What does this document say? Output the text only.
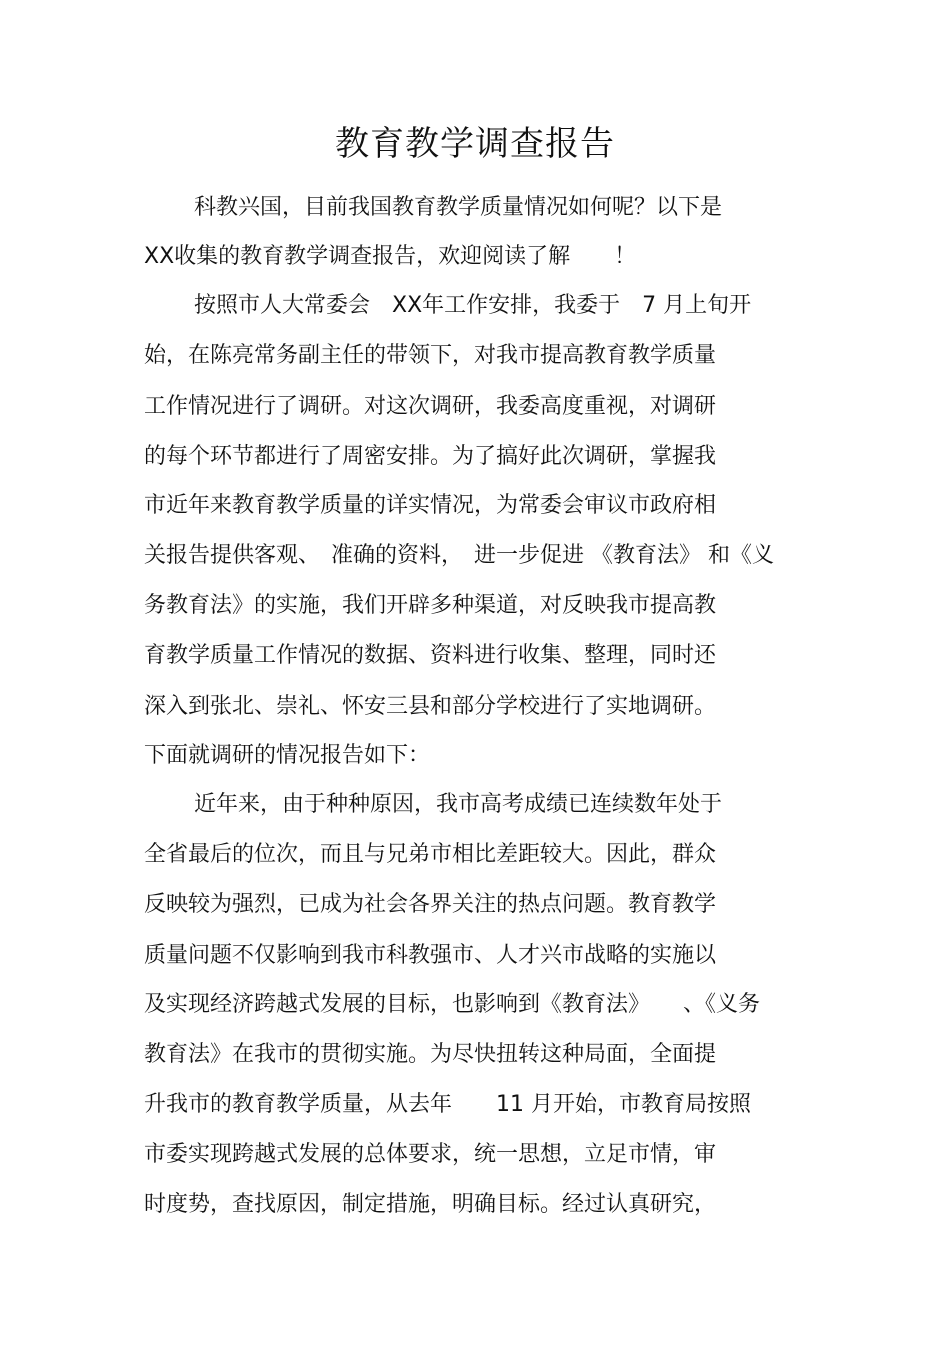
教育教学调查报告
科教兴国，目前我国教育教学质量情况如何呢？以下是
XX收集的教育教学调查报告，欢迎阅读了解　　！
按照市人大常委会　XX年工作安排，我委于　7 月上旬开
始，在陈亮常务副主任的带领下，对我市提高教育教学质量
工作情况进行了调研。对这次调研，我委高度重视，对调研
的每个环节都进行了周密安排。为了搞好此次调研，掌握我
市近年来教育教学质量的详实情况，为常委会审议市政府相
关报告提供客观、　准确的资料，　进一步促进 《教育法》 和《义
务教育法》的实施，我们开辟多种渠道，对反映我市提高教
育教学质量工作情况的数据、资料进行收集、整理，同时还
深入到张北、崇礼、怀安三县和部分学校进行了实地调研。
下面就调研的情况报告如下：
近年来，由于种种原因，我市高考成绩已连续数年处于
全省最后的位次，而且与兄弟市相比差距较大。因此，群众
反映较为强烈，已成为社会各界关注的热点问题。教育教学
质量问题不仅影响到我市科教强市、人才兴市战略的实施以
及实现经济跨越式发展的目标，也影响到《教育法》　　、《义务
教育法》在我市的贯彻实施。为尽快扭转这种局面，全面提
升我市的教育教学质量，从去年　　11 月开始，市教育局按照
市委实现跨越式发展的总体要求，统一思想，立足市情，审
时度势，查找原因，制定措施，明确目标。经过认真研究，
